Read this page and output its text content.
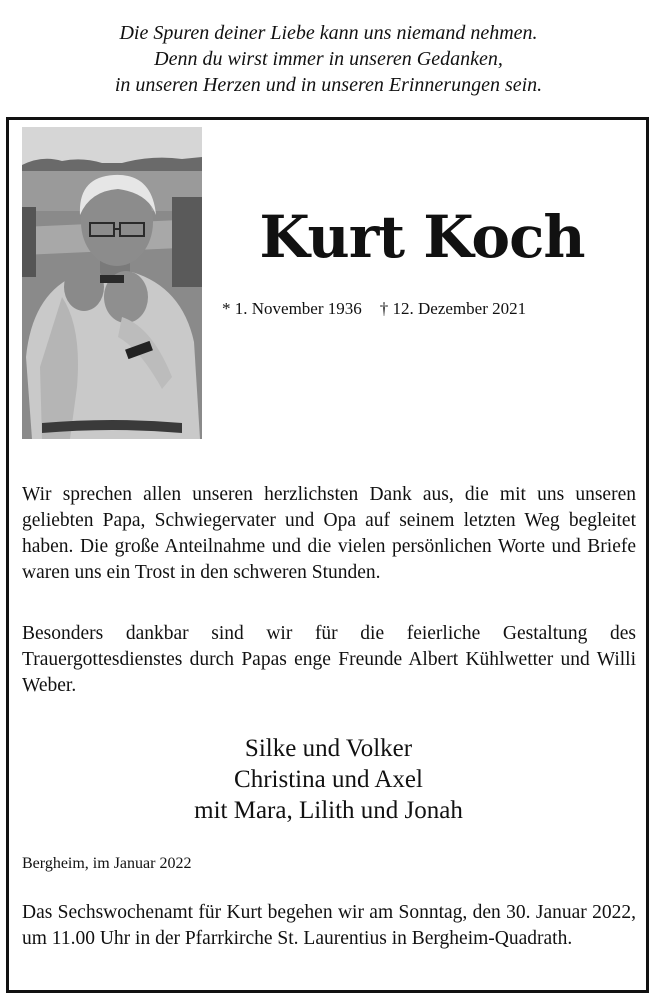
Die Spuren deiner Liebe kann uns niemand nehmen.
Denn du wirst immer in unseren Gedanken,
in unseren Herzen und in unseren Erinnerungen sein.
Kurt Koch
* 1. November 1936 † 12. Dezember 2021
Wir sprechen allen unseren herzlichsten Dank aus, die mit uns unseren geliebten Papa, Schwiegervater und Opa auf seinem letzten Weg begleitet haben. Die große Anteilnahme und die vielen persönlichen Worte und Briefe waren uns ein Trost in den schweren Stunden.
Besonders dankbar sind wir für die feierliche Gestaltung des Trauergottesdienstes durch Papas enge Freunde Albert Kühlwetter und Willi Weber.
Silke und Volker
Christina und Axel
mit Mara, Lilith und Jonah
Bergheim, im Januar 2022
Das Sechswochenamt für Kurt begehen wir am Sonntag, den 30. Januar 2022, um 11.00 Uhr in der Pfarrkirche St. Laurentius in Bergheim-Quadrath.
